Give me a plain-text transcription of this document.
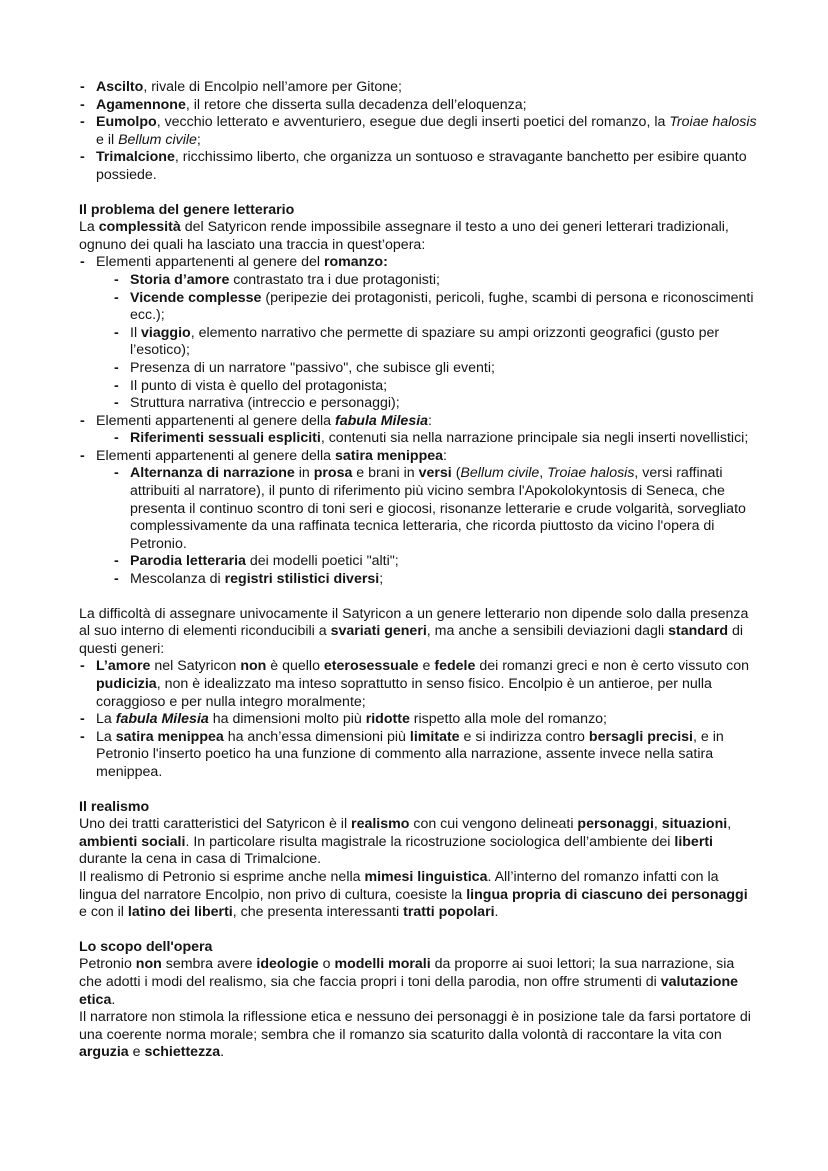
- Ascilto, rivale di Encolpio nell’amore per Gitone;
- Agamennone, il retore che disserta sulla decadenza dell’eloquenza;
- Eumolpo, vecchio letterato e avventuriero, esegue due degli inserti poetici del romanzo, la Troiae halosis e il Bellum civile;
- Trimalcione, ricchissimo liberto, che organizza un sontuoso e stravagante banchetto per esibire quanto possiede.

Il problema del genere letterario

La complessità del Satyricon rende impossibile assegnare il testo a uno dei generi letterari tradizionali, ognuno dei quali ha lasciato una traccia in quest’opera:

- Elementi appartenenti al genere del romanzo:
- Storia d’amore contrastato tra i due protagonisti;
- Vicende complesse (peripezie dei protagonisti, pericoli, fughe, scambi di persona e riconoscimenti ecc.);
- Il viaggio, elemento narrativo che permette di spaziare su ampi orizzonti geografici (gusto per l’esotico);
- Presenza di un narratore "passivo", che subisce gli eventi;
- Il punto di vista è quello del protagonista;
- Struttura narrativa (intreccio e personaggi);
- Elementi appartenenti al genere della fabula Milesia:
- Riferimenti sessuali espliciti, contenuti sia nella narrazione principale sia negli inserti novellistici;
- Elementi appartenenti al genere della satira menippea:
- Alternanza di narrazione in prosa e brani in versi (Bellum civile, Troiae halosis, versi raffinati attribuiti al narratore), il punto di riferimento più vicino sembra l'Apokolokyntosis di Seneca, che presenta il continuo scontro di toni seri e giocosi, risonanze letterarie e crude volgarità, sorvegliato complessivamente da una raffinata tecnica letteraria, che ricorda piuttosto da vicino l'opera di Petronio.
- Parodia letteraria dei modelli poetici "alti";
- Mescolanza di registri stilistici diversi;

La difficoltà di assegnare univocamente il Satyricon a un genere letterario non dipende solo dalla presenza al suo interno di elementi riconducibili a svariati generi, ma anche a sensibili deviazioni dagli standard di questi generi:

- L’amore nel Satyricon non è quello eterosessuale e fedele dei romanzi greci e non è certo vissuto con pudicizia, non è idealizzato ma inteso soprattutto in senso fisico. Encolpio è un antieroe, per nulla coraggioso e per nulla integro moralmente;
- La fabula Milesia ha dimensioni molto più ridotte rispetto alla mole del romanzo;
- La satira menippea ha anch’essa dimensioni più limitate e si indirizza contro bersagli precisi, e in Petronio l'inserto poetico ha una funzione di commento alla narrazione, assente invece nella satira menippea.

Il realismo

Uno dei tratti caratteristici del Satyricon è il realismo con cui vengono delineati personaggi, situazioni, ambienti sociali. In particolare risulta magistrale la ricostruzione sociologica dell’ambiente dei liberti durante la cena in casa di Trimalcione.

Il realismo di Petronio si esprime anche nella mimesi linguistica. All’interno del romanzo infatti con la lingua del narratore Encolpio, non privo di cultura, coesiste la lingua propria di ciascuno dei personaggi e con il latino dei liberti, che presenta interessanti tratti popolari.

Lo scopo dell'opera

Petronio non sembra avere ideologie o modelli morali da proporre ai suoi lettori; la sua narrazione, sia che adotti i modi del realismo, sia che faccia propri i toni della parodia, non offre strumenti di valutazione etica.

Il narratore non stimola la riflessione etica e nessuno dei personaggi è in posizione tale da farsi portatore di una coerente norma morale; sembra che il romanzo sia scaturito dalla volontà di raccontare la vita con arguzia e schiettezza.
